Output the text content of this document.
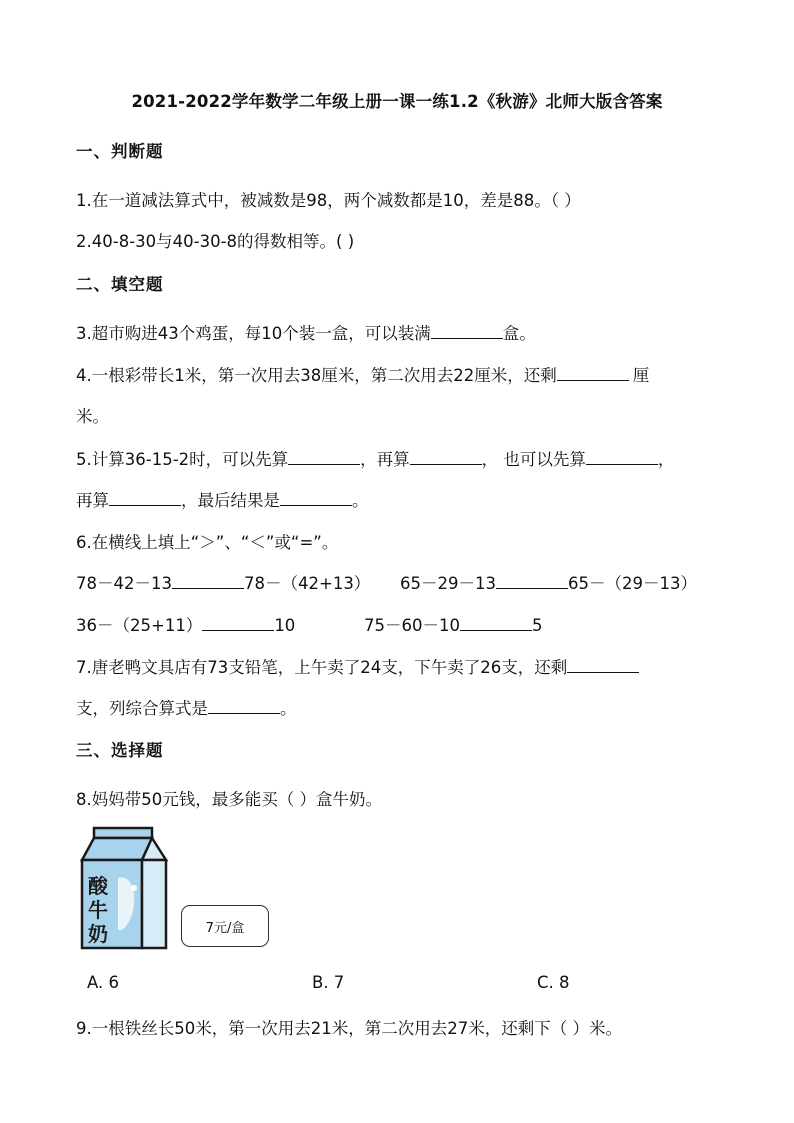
2021-2022学年数学二年级上册一课一练1.2《秋游》北师大版含答案
一、判断题
1.在一道减法算式中，被减数是98，两个减数都是10，差是88。（ ）
2.40-8-30与40-30-8的得数相等。( )
二、填空题
3.超市购进43个鸡蛋，每10个装一盒，可以装满	盒。
4.一根彩带长1米，第一次用去38厘米，第二次用去22厘米，还剩	厘
米。
5.计算36-15-2时，可以先算	，再算	， 也可以先算	，
再算	，最后结果是	。
6.在横线上填上“＞”、“＜”或“=”。
78－42－13	78－（42+13） 65－29－13	65－（29－13）
36－（25+11）	10	75－60－10	5
7.唐老鸭文具店有73支铅笔，上午卖了24支，下午卖了26支，还剩
支，列综合算式是	。
三、选择题
8.妈妈带50元钱，最多能买（ ）盒牛奶。
酸牛奶	7元/盒
A. 6	B. 7	C. 8
9.一根铁丝长50米，第一次用去21米，第二次用去27米，还剩下（ ）米。
